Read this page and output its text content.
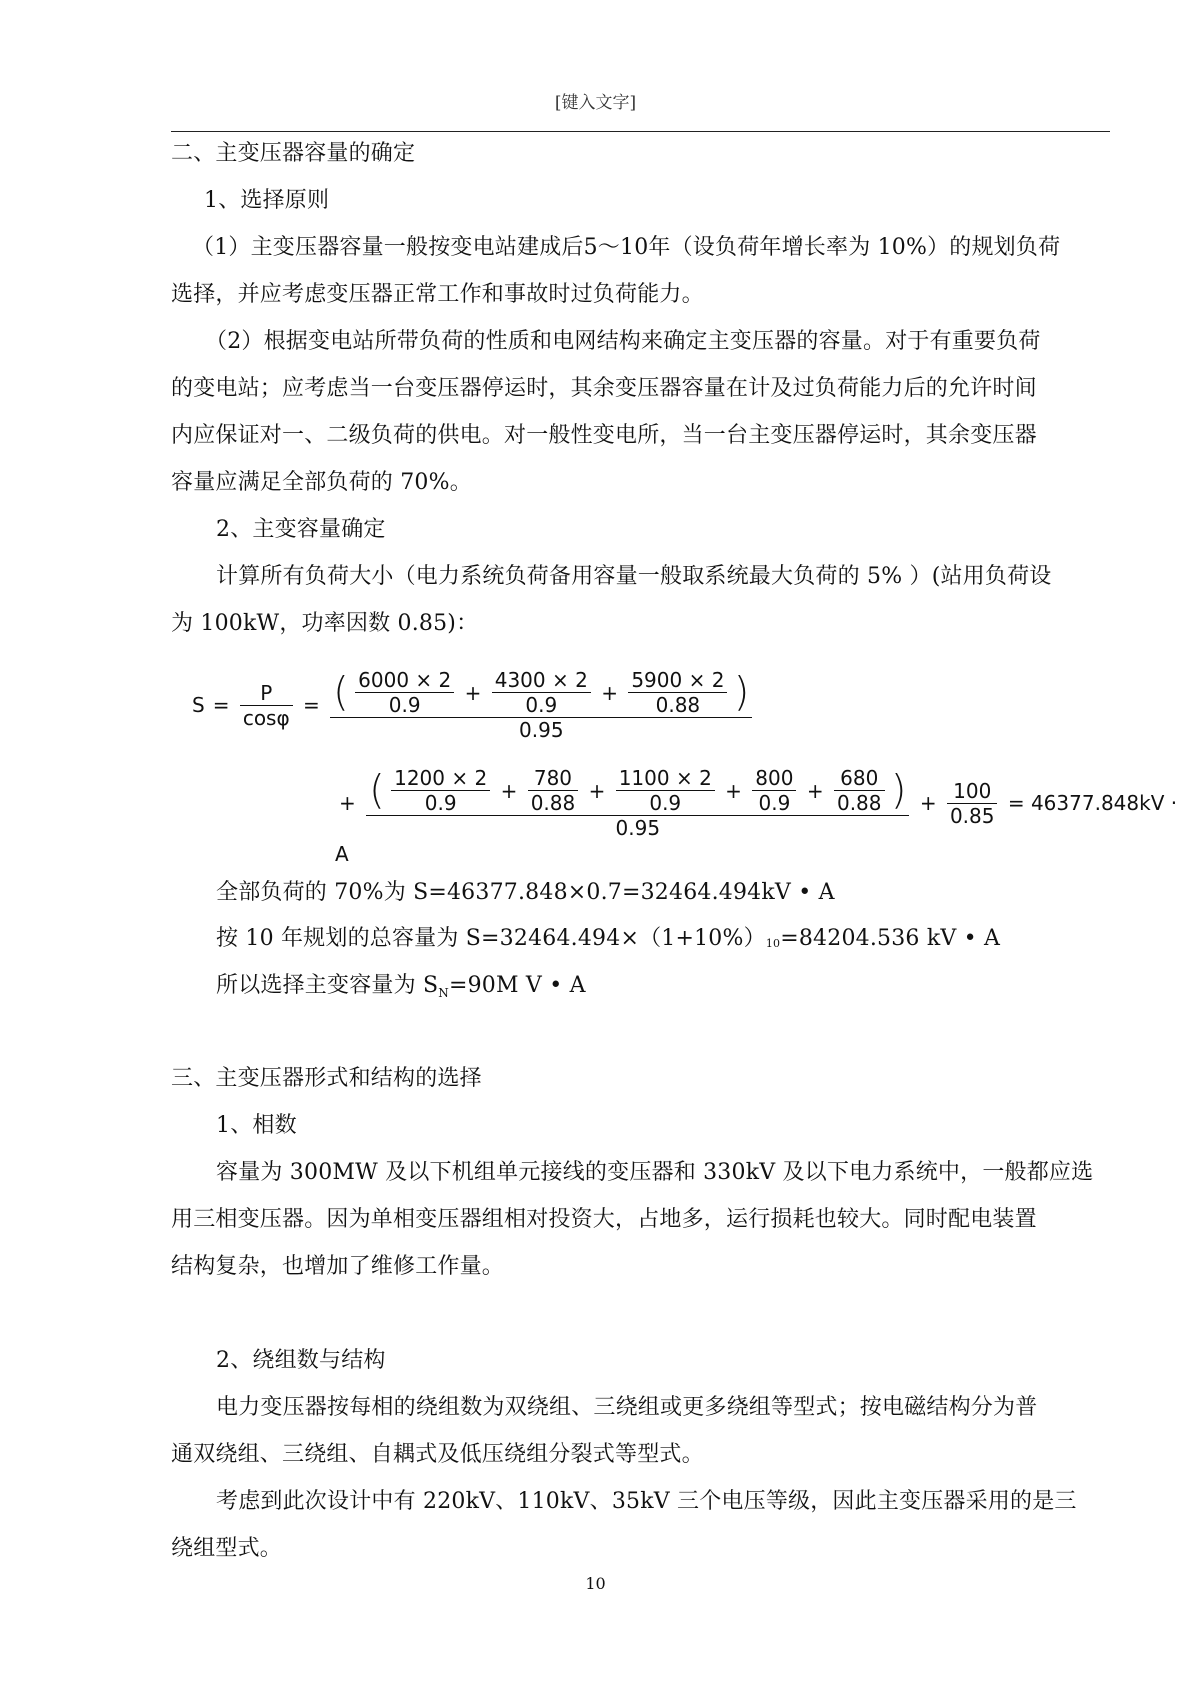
[键入文字]
二、主变压器容量的确定
1、选择原则
（1）主变压器容量一般按变电站建成后5～10年（设负荷年增长率为 10%）的规划负荷
选择，并应考虑变压器正常工作和事故时过负荷能力。
（2）根据变电站所带负荷的性质和电网结构来确定主变压器的容量。对于有重要负荷
的变电站；应考虑当一台变压器停运时，其余变压器容量在计及过负荷能力后的允许时间
内应保证对一、二级负荷的供电。对一般性变电所，当一台主变压器停运时，其余变压器
容量应满足全部负荷的 70%。
2、主变容量确定
计算所有负荷大小（电力系统负荷备用容量一般取系统最大负荷的 5% ）(站用负荷设
为 100kW，功率因数 0.85)：
$S = \frac{P}{\cos\varphi}$ = ( $\frac{6000 \times 2}{0.9} + \frac{4300 \times 2}{0.9} + \frac{5900 \times 2}{0.88}$ )
0.95
+ ( $\frac{1200 \times 2}{0.9} + \frac{780}{0.88} + \frac{1100 \times 2}{0.9} + \frac{800}{0.9} + \frac{680}{0.88}$ )
0.95
+ $\frac{100}{0.85} = 46377.848kV \cdot A$
全部负荷的 70%为 S=46377.848×0.7=32464.494kV • A
按 10 年规划的总容量为 S=32464.494×（1+10%）10=84204.536 kV • A
所以选择主变容量为 $S_N=90M$ V • A
三、主变压器形式和结构的选择
1、相数
容量为 300MW 及以下机组单元接线的变压器和 330kV 及以下电力系统中，一般都应选
用三相变压器。因为单相变压器组相对投资大，占地多，运行损耗也较大。同时配电装置
结构复杂，也增加了维修工作量。
2、绕组数与结构
电力变压器按每相的绕组数为双绕组、三绕组或更多绕组等型式；按电磁结构分为普
通双绕组、三绕组、自耦式及低压绕组分裂式等型式。
考虑到此次设计中有 220kV、110kV、35kV 三个电压等级，因此主变压器采用的是三
绕组型式。
10
